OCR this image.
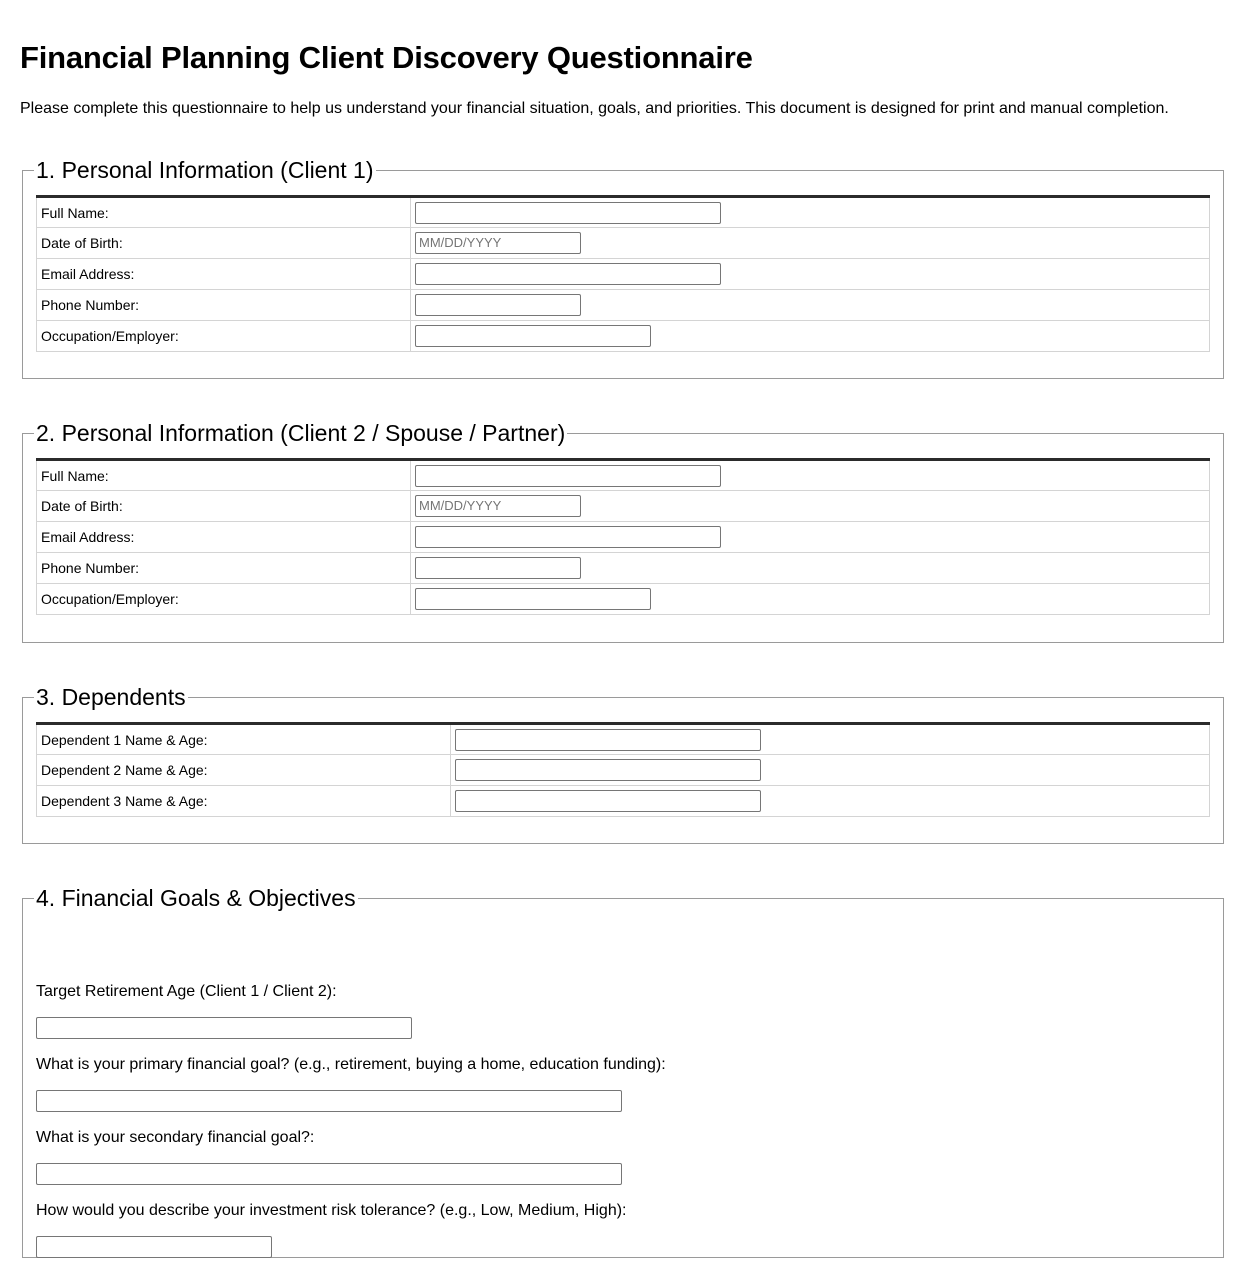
Financial Planning Client Discovery Questionnaire

Please complete this questionnaire to help us understand your financial situation, goals, and priorities. This document is designed for print and manual completion.

1. Personal Information (Client 1)
Full Name:	

Date of Birth:	MM/DD/YYYY

Email Address:	

Phone Number:	

Occupation/Employer:	
2. Personal Information (Client 2 / Spouse / Partner)
Full Name:	

Date of Birth:	MM/DD/YYYY

Email Address:	

Phone Number:	

Occupation/Employer:	
3. Dependents
Dependent 1 Name & Age:	

Dependent 2 Name & Age:	

Dependent 3 Name & Age:	
4. Financial Goals & Objectives

Target Retirement Age (Client 1 / Client 2):

What is your primary financial goal? (e.g., retirement, buying a home, education funding):

What is your secondary financial goal?:

How would you describe your investment risk tolerance? (e.g., Low, Medium, High):
